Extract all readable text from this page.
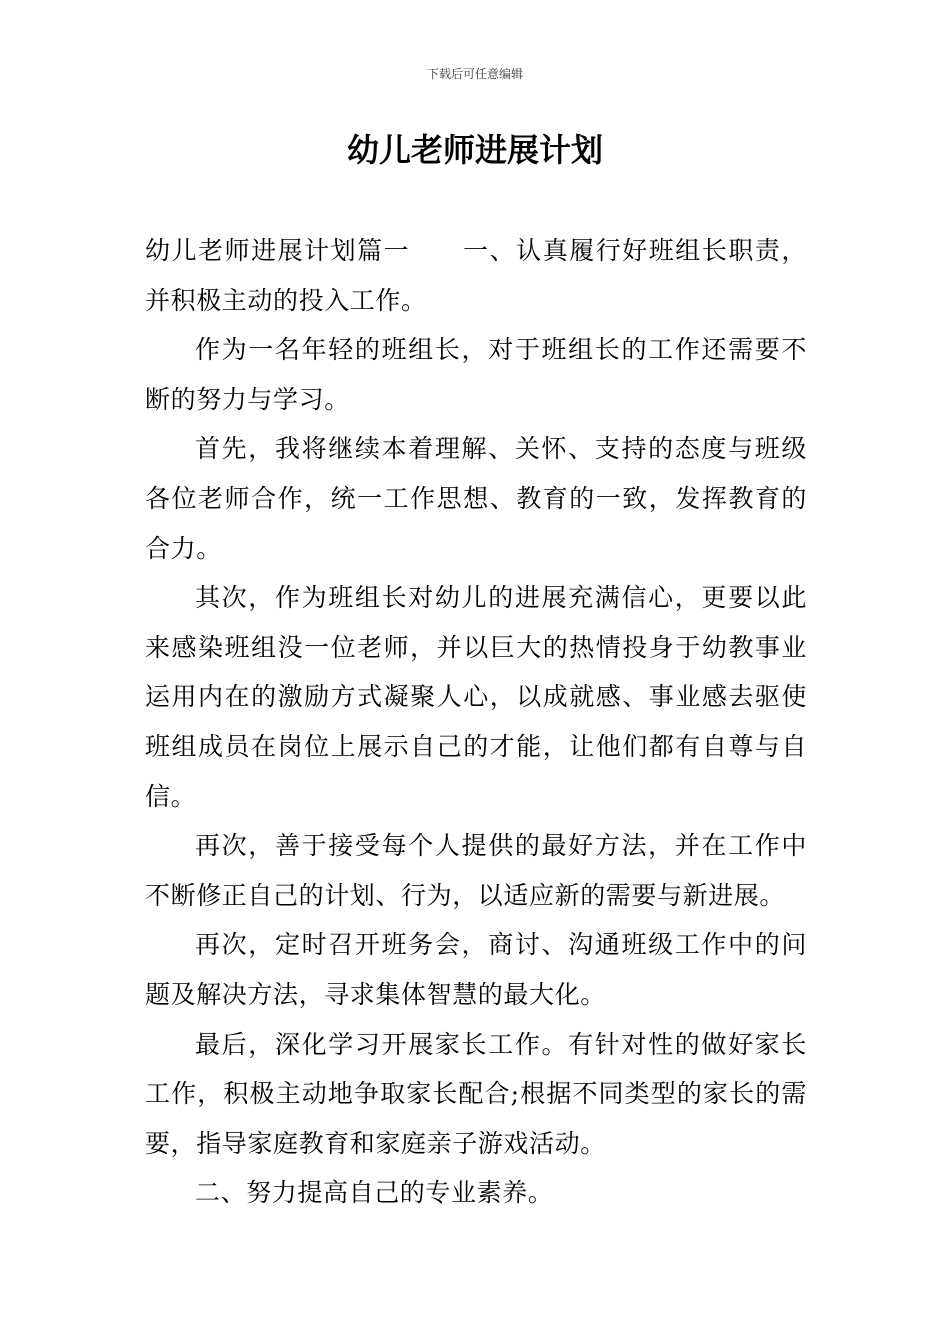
下载后可任意编辑
幼儿老师进展计划

幼儿老师进展计划篇一 一、认真履行好班组长职责，并积极主动的投入工作。

作为一名年轻的班组长，对于班组长的工作还需要不断的努力与学习。

首先，我将继续本着理解、关怀、支持的态度与班级各位老师合作，统一工作思想、教育的一致，发挥教育的合力。

其次，作为班组长对幼儿的进展充满信心，更要以此来感染班组没一位老师，并以巨大的热情投身于幼教事业运用内在的激励方式凝聚人心，以成就感、事业感去驱使班组成员在岗位上展示自己的才能，让他们都有自尊与自信。

再次，善于接受每个人提供的最好方法，并在工作中不断修正自己的计划、行为，以适应新的需要与新进展。

再次，定时召开班务会，商讨、沟通班级工作中的问题及解决方法，寻求集体智慧的最大化。

最后，深化学习开展家长工作。有针对性的做好家长工作，积极主动地争取家长配合;根据不同类型的家长的需要，指导家庭教育和家庭亲子游戏活动。

二、努力提高自己的专业素养。
